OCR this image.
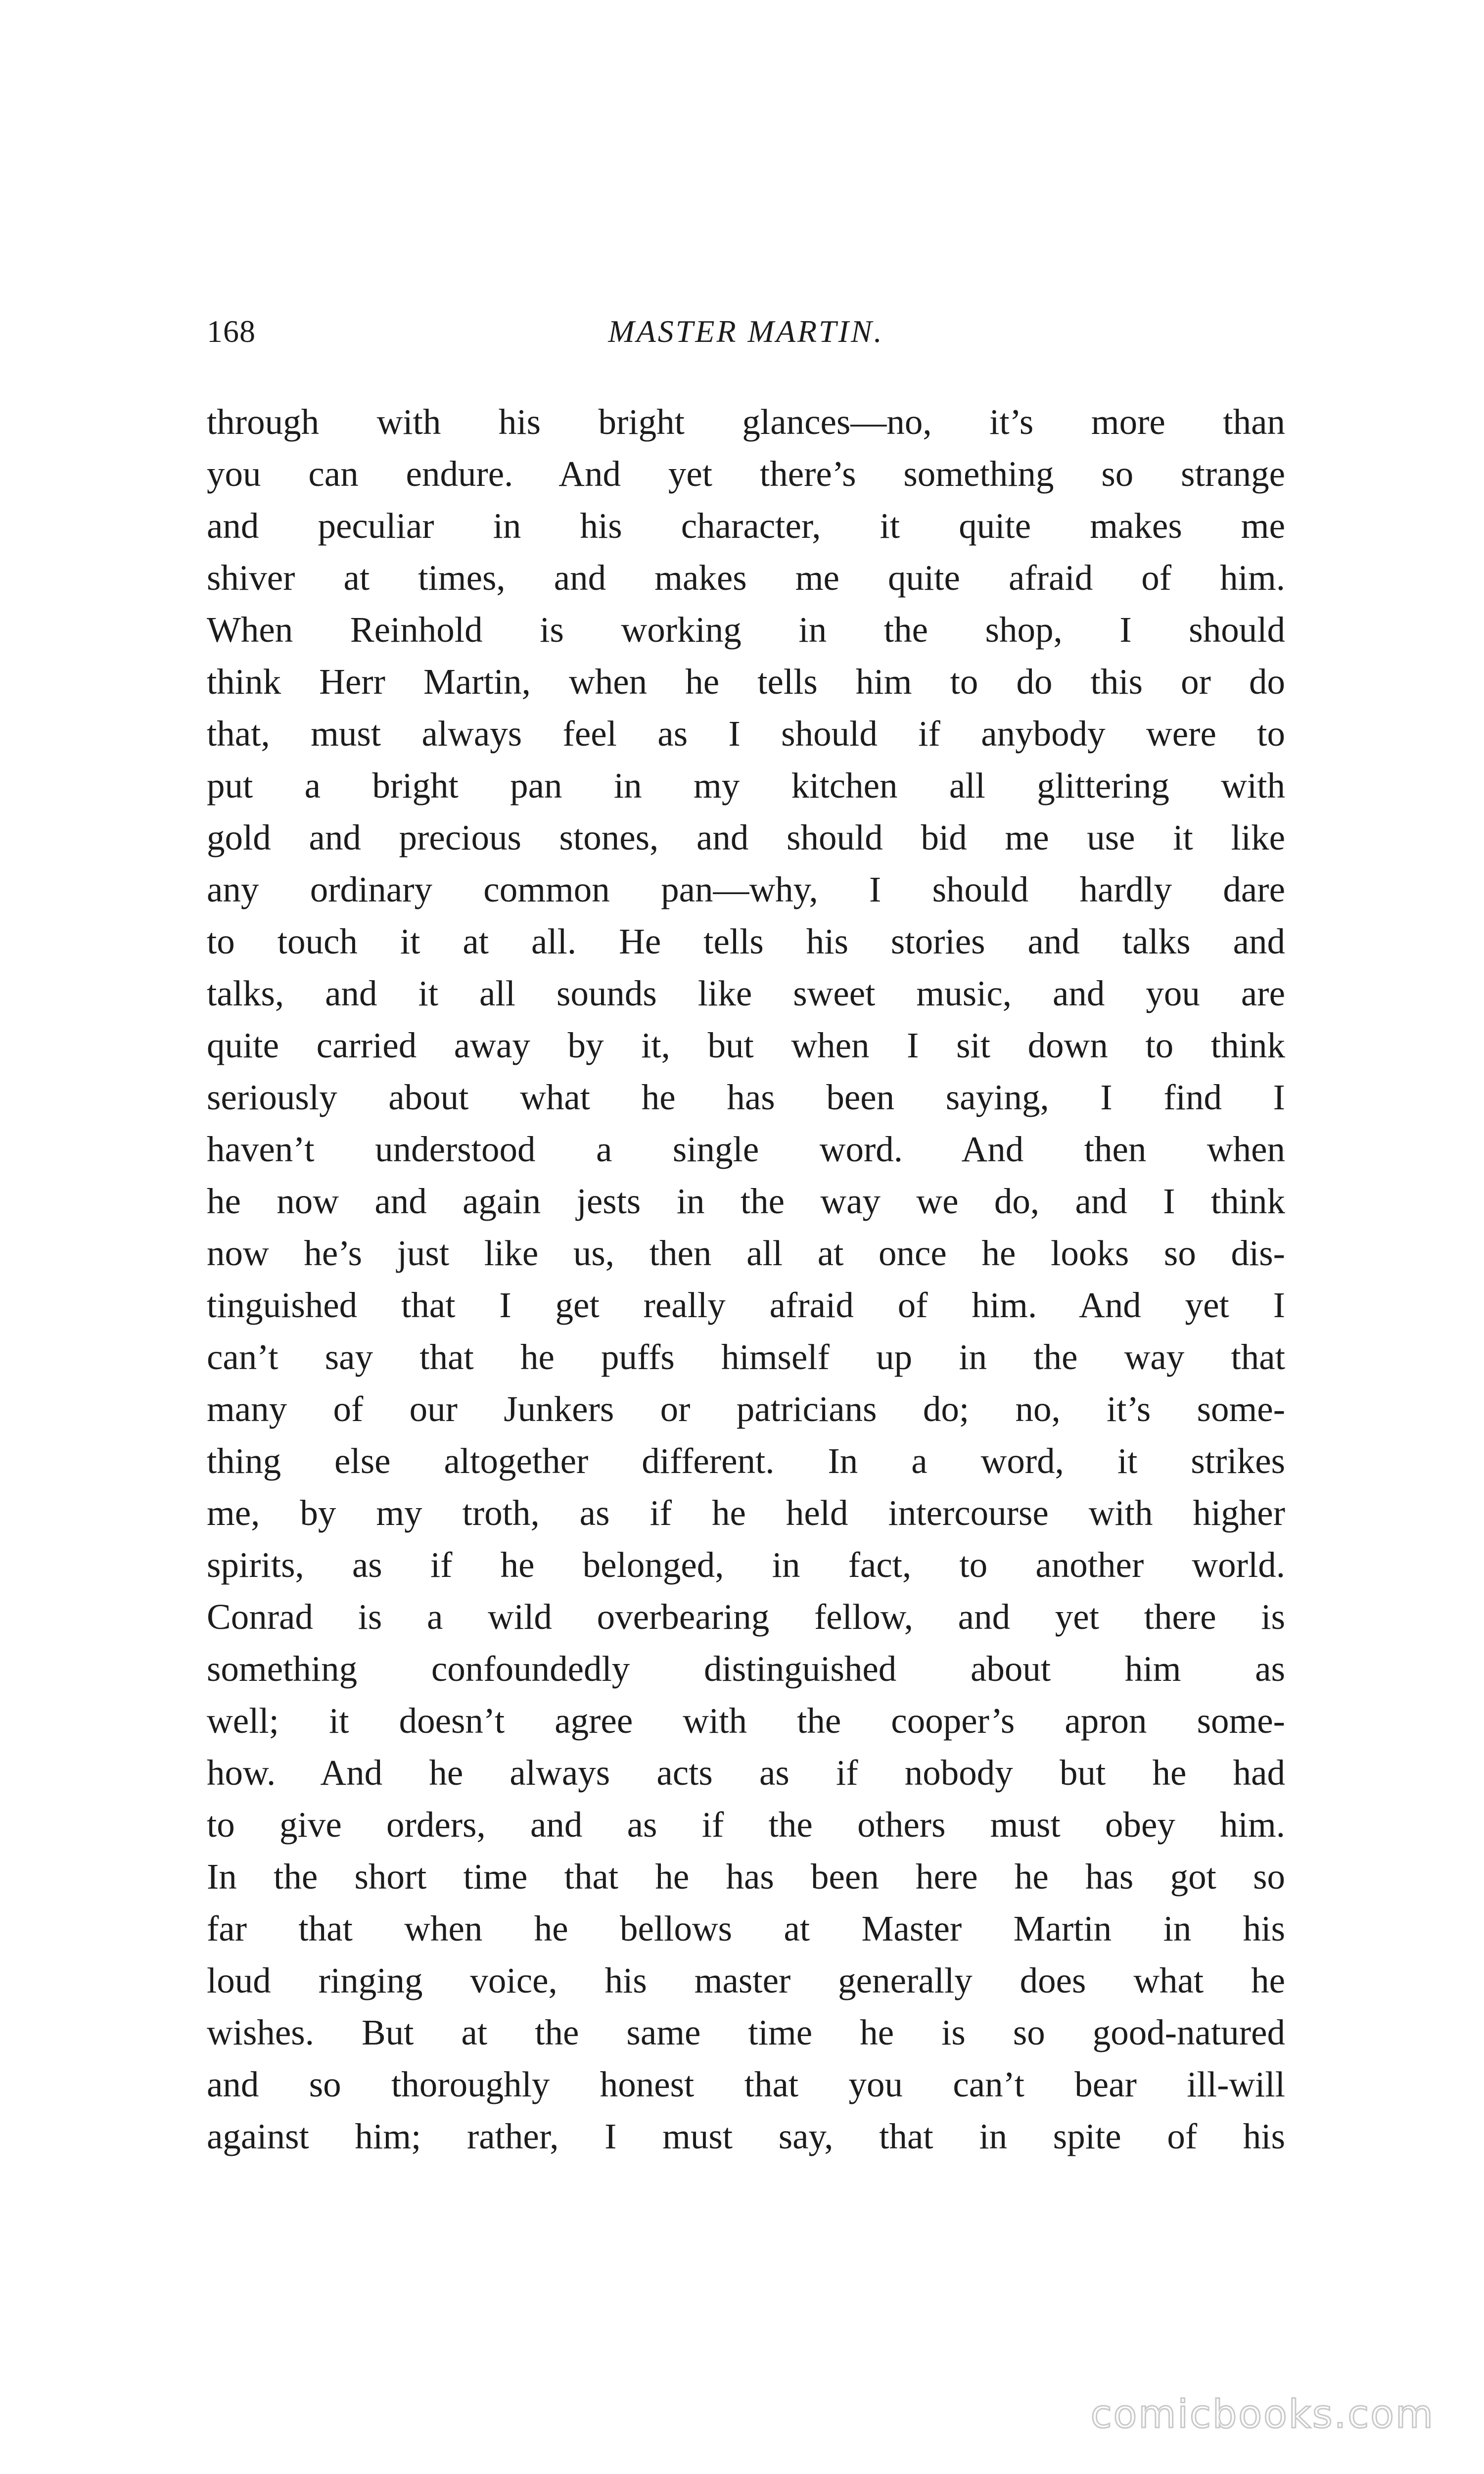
168	MASTER MARTIN.
through with his bright glances—no, it’s more than
you can endure. And yet there’s something so strange
and peculiar in his character, it quite makes me
shiver at times, and makes me quite afraid of him.
When Reinhold is working in the shop, I should
think Herr Martin, when he tells him to do this or do
that, must always feel as I should if anybody were to
put a bright pan in my kitchen all glittering with
gold and precious stones, and should bid me use it like
any ordinary common pan—why, I should hardly dare
to touch it at all. He tells his stories and talks and
talks, and it all sounds like sweet music, and you are
quite carried away by it, but when I sit down to think
seriously about what he has been saying, I find I
haven’t understood a single word. And then when
he now and again jests in the way we do, and I think
now he’s just like us, then all at once he looks so dis-
tinguished that I get really afraid of him. And yet I
can’t say that he puffs himself up in the way that
many of our Junkers or patricians do; no, it’s some-
thing else altogether different. In a word, it strikes
me, by my troth, as if he held intercourse with higher
spirits, as if he belonged, in fact, to another world.
Conrad is a wild overbearing fellow, and yet there is
something confoundedly distinguished about him as
well; it doesn’t agree with the cooper’s apron some-
how. And he always acts as if nobody but he had
to give orders, and as if the others must obey him.
In the short time that he has been here he has got so
far that when he bellows at Master Martin in his
loud ringing voice, his master generally does what he
wishes. But at the same time he is so good-natured
and so thoroughly honest that you can’t bear ill-will
against him; rather, I must say, that in spite of his
comicbooks.com
